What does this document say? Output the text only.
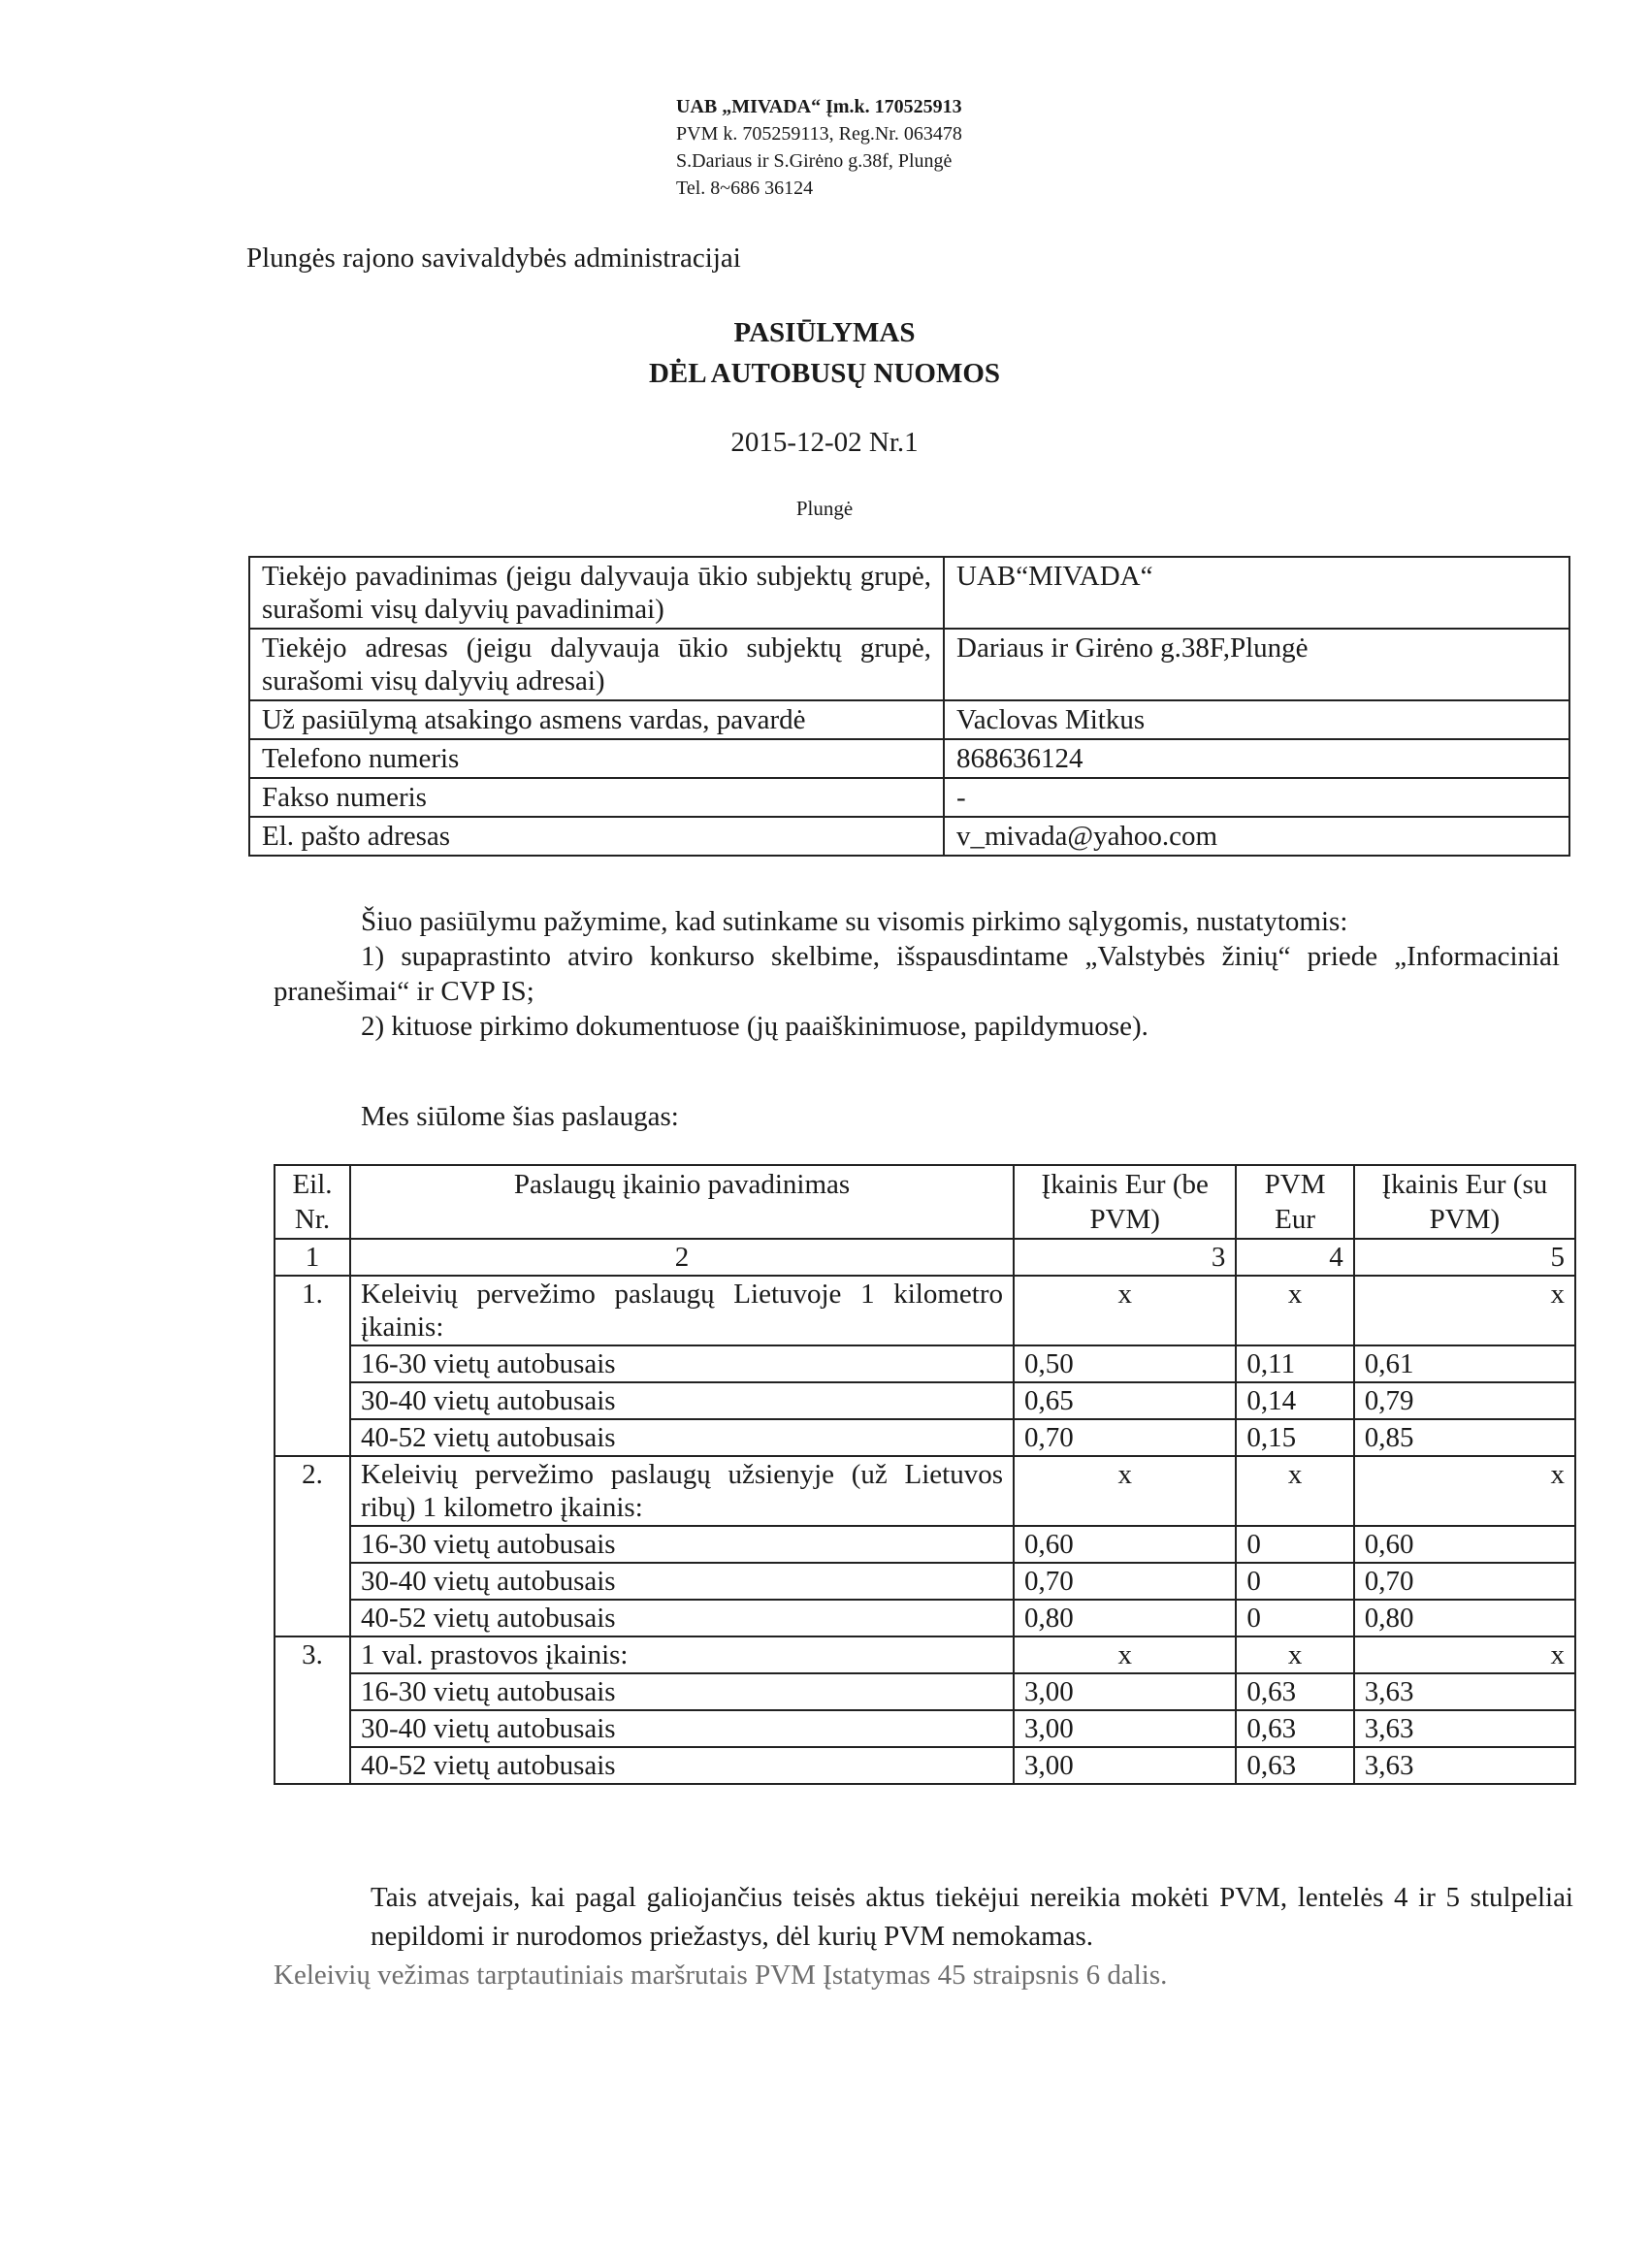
UAB „MIVADA“ Įm.k. 170525913
PVM k. 705259113, Reg.Nr. 063478
S.Dariaus ir S.Girėno g.38f, Plungė
Tel. 8~686 36124
Plungės rajono savivaldybės administracijai
PASIŪLYMAS
DĖL AUTOBUSŲ NUOMOS
2015-12-02 Nr.1
Plungė
Tiekėjo pavadinimas (jeigu dalyvauja ūkio subjektų grupė, surašomi visų dalyvių pavadinimai)	UAB“MIVADA“
Tiekėjo adresas (jeigu dalyvauja ūkio subjektų grupė, surašomi visų dalyvių adresai)	Dariaus ir Girėno g.38F,Plungė
Už pasiūlymą atsakingo asmens vardas, pavardė	Vaclovas Mitkus
Telefono numeris	868636124
Fakso numeris	-
El. pašto adresas	v_mivada@yahoo.com
Šiuo pasiūlymu pažymime, kad sutinkame su visomis pirkimo sąlygomis, nustatytomis:
1) supaprastinto atviro konkurso skelbime, išspausdintame „Valstybės žinių“ priede „Informaciniai pranešimai“ ir CVP IS;
2) kituose pirkimo dokumentuose (jų paaiškinimuose, papildymuose).
Mes siūlome šias paslaugas:
Eil. Nr.	Paslaugų įkainio pavadinimas	Įkainis Eur (be PVM)	PVM Eur	Įkainis Eur (su PVM)
1	2	3	4	5
1.	Keleivių pervežimo paslaugų Lietuvoje 1 kilometro įkainis:	x	x	x
	16-30 vietų autobusais	0,50	0,11	0,61
	30-40 vietų autobusais	0,65	0,14	0,79
	40-52 vietų autobusais	0,70	0,15	0,85
2.	Keleivių pervežimo paslaugų užsienyje (už Lietuvos ribų) 1 kilometro įkainis:	x	x	x
	16-30 vietų autobusais	0,60	0	0,60
	30-40 vietų autobusais	0,70	0	0,70
	40-52 vietų autobusais	0,80	0	0,80
3.	1 val. prastovos įkainis:	x	x	x
	16-30 vietų autobusais	3,00	0,63	3,63
	30-40 vietų autobusais	3,00	0,63	3,63
	40-52 vietų autobusais	3,00	0,63	3,63
Tais atvejais, kai pagal galiojančius teisės aktus tiekėjui nereikia mokėti PVM, lentelės 4 ir 5 stulpeliai nepildomi ir nurodomos priežastys, dėl kurių PVM nemokamas.
Keleivių vežimas tarptautiniais maršrutais PVM Įstatymas 45 straipsnis 6 dalis.
